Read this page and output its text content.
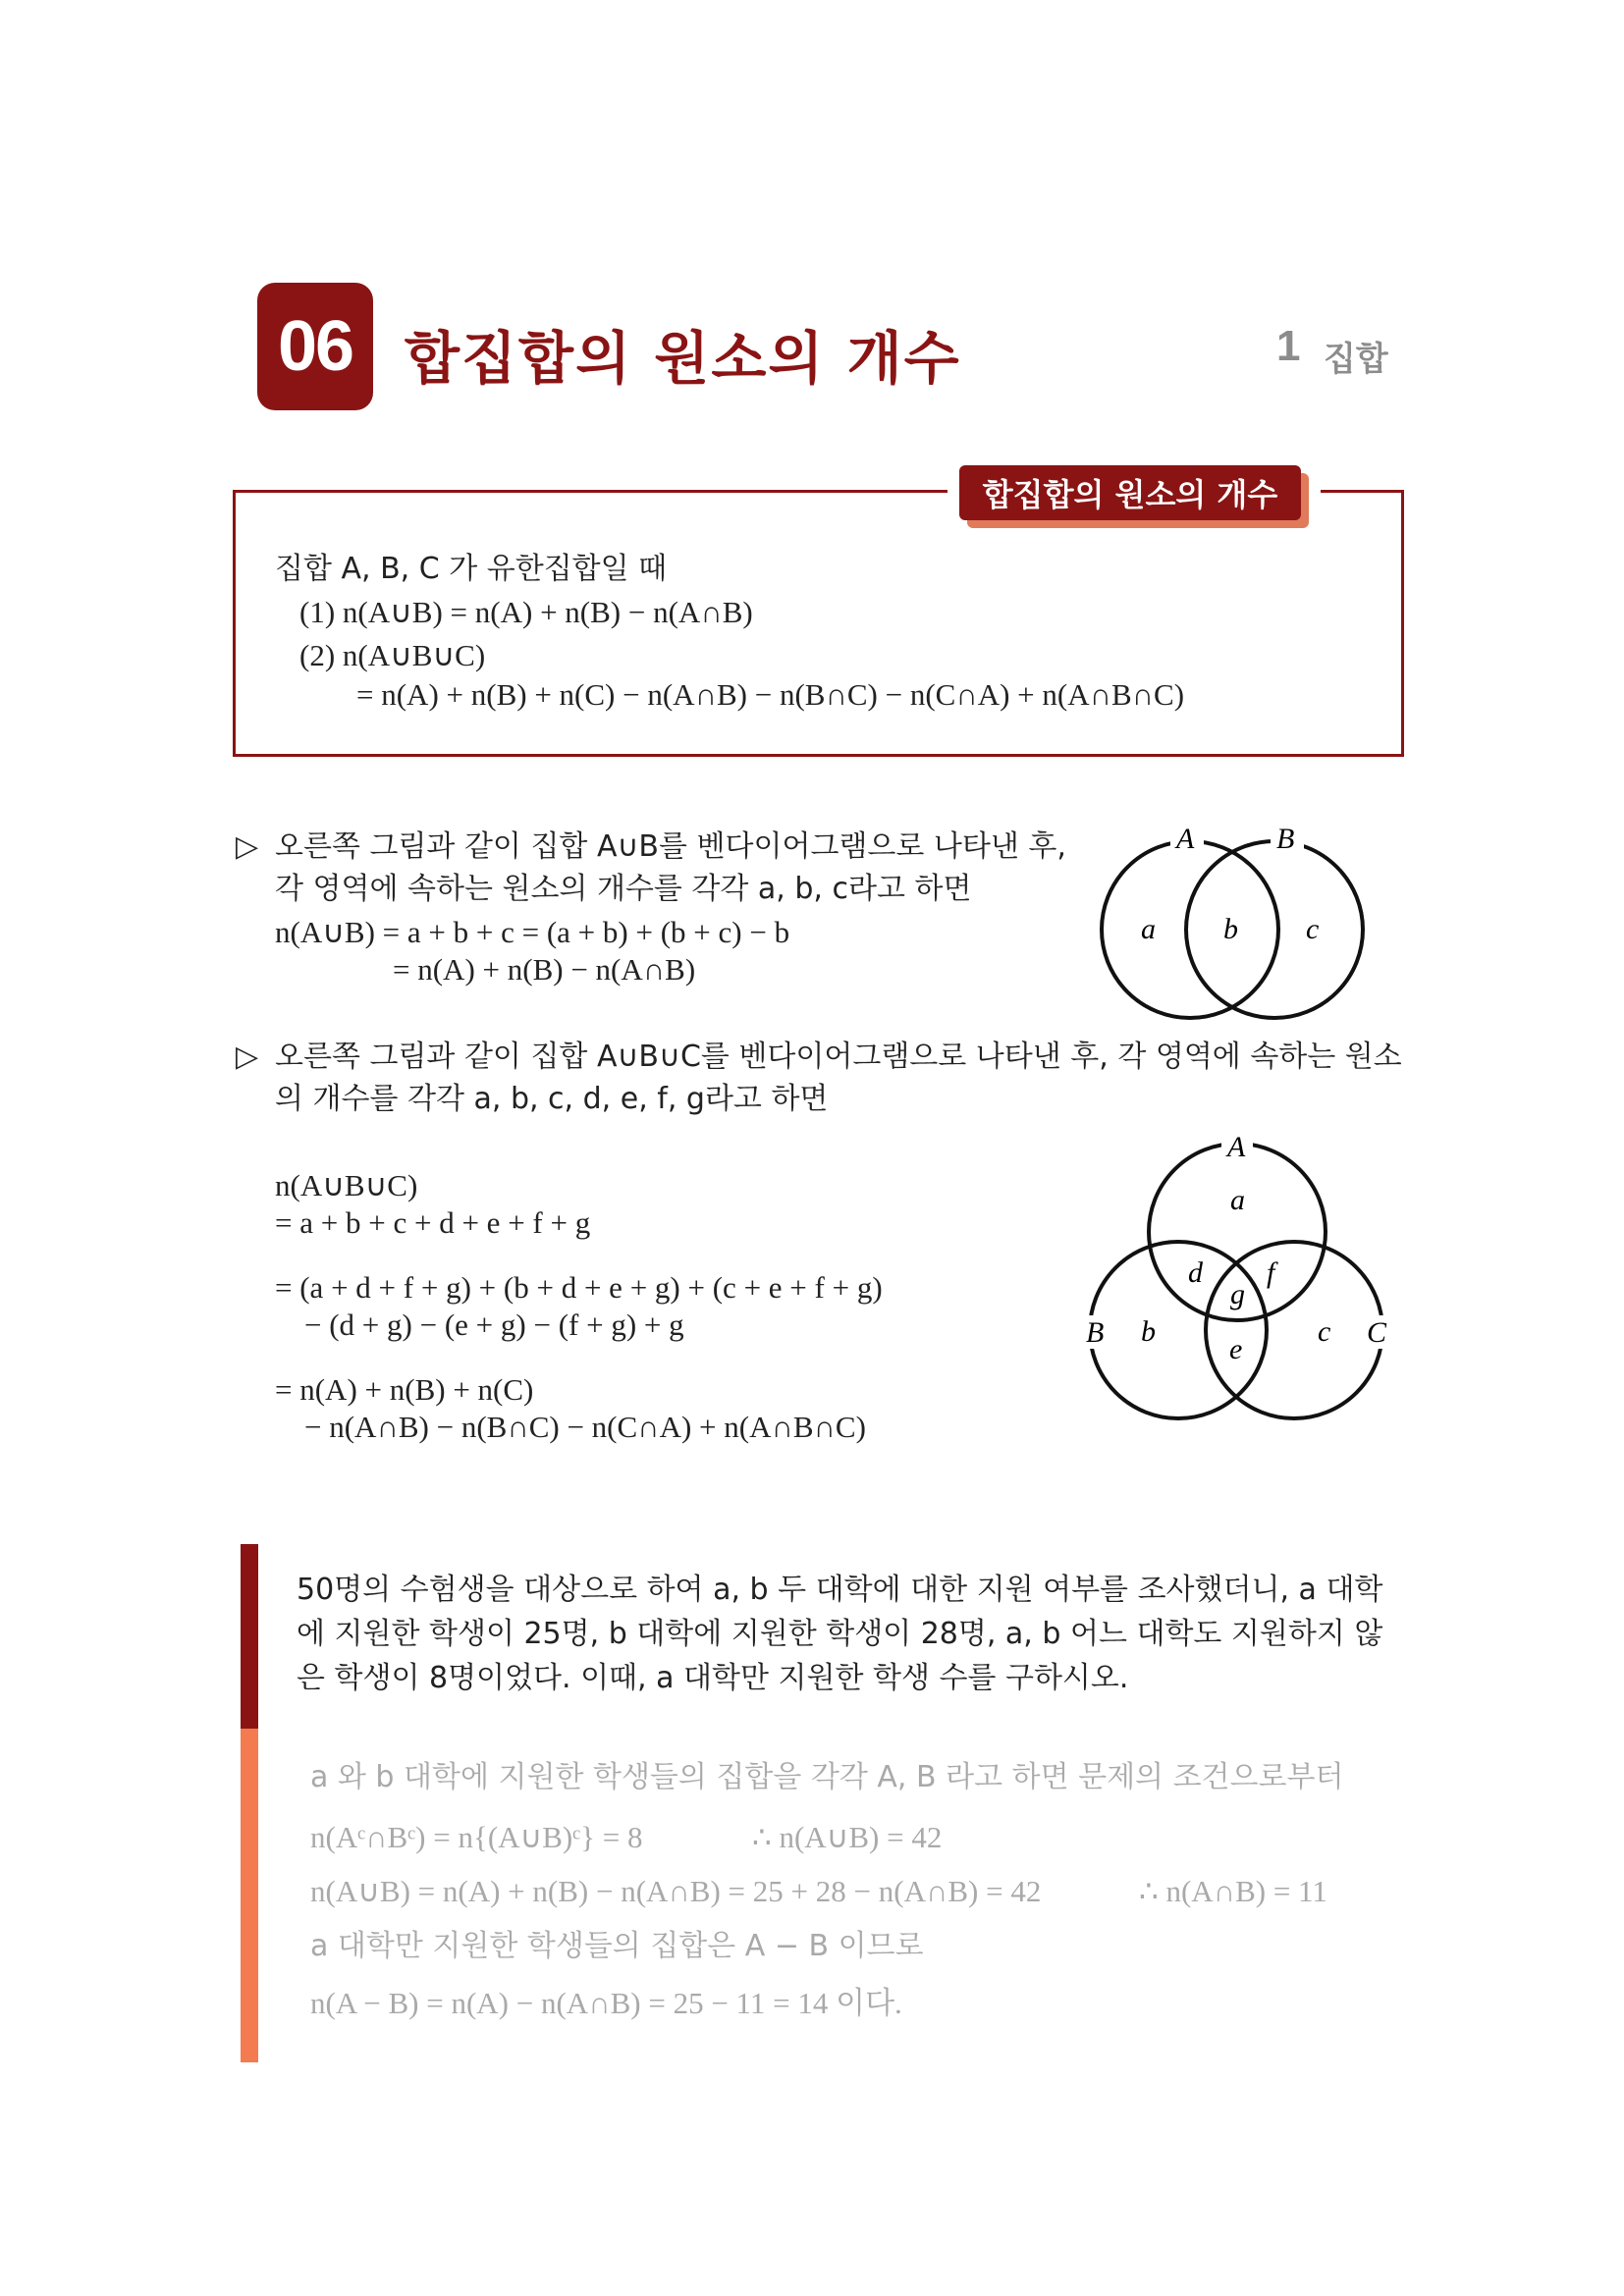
06 합집합의 원소의 개수	1 집합
합집합의 원소의 개수
집합 A, B, C 가 유한집합일 때
(1) n(A∪B) = n(A) + n(B) − n(A∩B)
(2) n(A∪B∪C)
= n(A) + n(B) + n(C) − n(A∩B) − n(B∩C) − n(C∩A) + n(A∩B∩C)
▷ 오른쪽 그림과 같이 집합 A∪B를 벤다이어그램으로 나타낸 후,
각 영역에 속하는 원소의 개수를 각각 a, b, c라고 하면
n(A∪B) = a + b + c = (a + b) + (b + c) − b
= n(A) + n(B) − n(A∩B)
A	B
a b c
▷ 오른쪽 그림과 같이 집합 A∪B∪C를 벤다이어그램으로 나타낸 후, 각 영역에 속하는 원소
의 개수를 각각 a, b, c, d, e, f, g라고 하면
n(A∪B∪C)
= a + b + c + d + e + f + g
= (a + d + f + g) + (b + d + e + g) + (c + e + f + g)
− (d + g) − (e + g) − (f + g) + g
= n(A) + n(B) + n(C)
− n(A∩B) − n(B∩C) − n(C∩A) + n(A∩B∩C)
A
B	C
a
b	c
d
e
f
g
50명의 수험생을 대상으로 하여 a, b 두 대학에 대한 지원 여부를 조사했더니, a 대학
에 지원한 학생이 25명, b 대학에 지원한 학생이 28명, a, b 어느 대학도 지원하지 않
은 학생이 8명이었다. 이때, a 대학만 지원한 학생 수를 구하시오.
a 와 b 대학에 지원한 학생들의 집합을 각각 A, B 라고 하면 문제의 조건으로부터
n(Aᶜ∩Bᶜ) = n{(A∪B)ᶜ} = 8	∴ n(A∪B) = 42
n(A∪B) = n(A) + n(B) − n(A∩B) = 25 + 28 − n(A∩B) = 42	∴ n(A∩B) = 11
a 대학만 지원한 학생들의 집합은 A − B 이므로
n(A − B) = n(A) − n(A∩B) = 25 − 11 = 14 이다.
